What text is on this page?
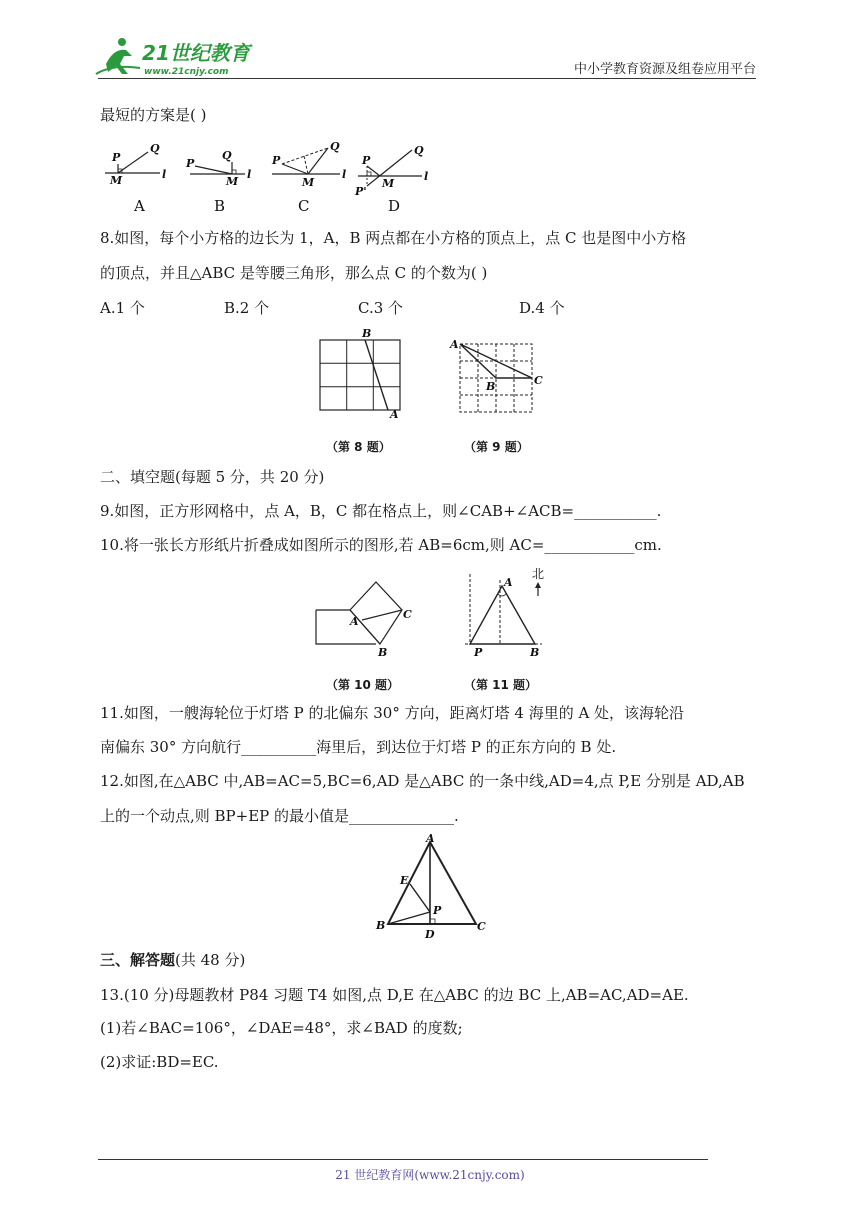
21世纪教育
www.21cnjy.com	中小学教育资源及组卷应用平台
最短的方案是( )
P
Q
M	l
A
P
Q
M
l
B
P
Q
M
l
C
P
Q
M
P'
l
D
8.如图，每个小方格的边长为 1，A，B 两点都在小方格的顶点上，点 C 也是图中小方格
的顶点，并且△ABC 是等腰三角形，那么点 C 的个数为( )
A.1 个	B.2 个	C.3 个	D.4 个
B
A
A
B	C
（第 8 题）	（第 9 题）
二、填空题(每题 5 分，共 20 分)
9.如图，正方形网格中，点 A，B，C 都在格点上，则∠CAB+∠ACB=___________.
10.将一张长方形纸片折叠成如图所示的图形,若 AB=6cm,则 AC=____________cm.
A
C
B
北
A
P	B
（第 10 题）	（第 11 题）
11.如图，一艘海轮位于灯塔 P 的北偏东 30° 方向，距离灯塔 4 海里的 A 处，该海轮沿
南偏东 30° 方向航行__________海里后，到达位于灯塔 P 的正东方向的 B 处.
12.如图,在△ABC 中,AB=AC=5,BC=6,AD 是△ABC 的一条中线,AD=4,点 P,E 分别是 AD,AB
上的一个动点,则 BP+EP 的最小值是______________.
A
E
P
B	C
D
三、解答题(共 48 分)
13.(10 分)母题教材 P84 习题 T4 如图,点 D,E 在△ABC 的边 BC 上,AB=AC,AD=AE.
(1)若∠BAC=106°，∠DAE=48°，求∠BAD 的度数;
(2)求证:BD=EC.
21 世纪教育网(www.21cnjy.com)
